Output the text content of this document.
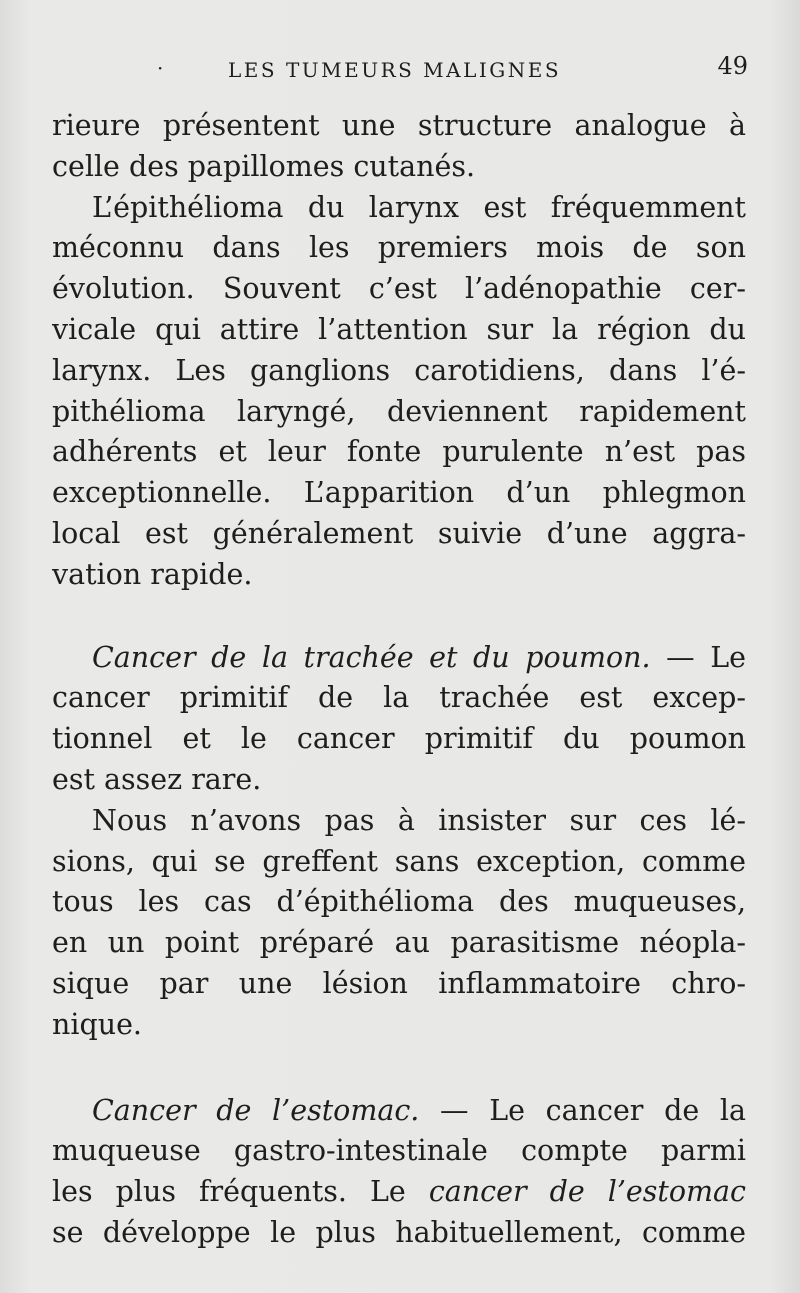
·	LES TUMEURS MALIGNES	49
rieure présentent une structure analogue à
celle des papillomes cutanés.
L’épithélioma du larynx est fréquemment
méconnu dans les premiers mois de son
évolution. Souvent c’est l’adénopathie cer-
vicale qui attire l’attention sur la région du
larynx. Les ganglions carotidiens, dans l’é-
pithélioma laryngé, deviennent rapidement
adhérents et leur fonte purulente n’est pas
exceptionnelle. L’apparition d’un phlegmon
local est généralement suivie d’une aggra-
vation rapide.
Cancer de la trachée et du poumon. — Le
cancer primitif de la trachée est excep-
tionnel et le cancer primitif du poumon
est assez rare.
Nous n’avons pas à insister sur ces lé-
sions, qui se greffent sans exception, comme
tous les cas d’épithélioma des muqueuses,
en un point préparé au parasitisme néopla-
sique par une lésion inflammatoire chro-
nique.
Cancer de l’estomac. — Le cancer de la
muqueuse gastro-intestinale compte parmi
les plus fréquents. Le cancer de l’estomac
se développe le plus habituellement, comme
